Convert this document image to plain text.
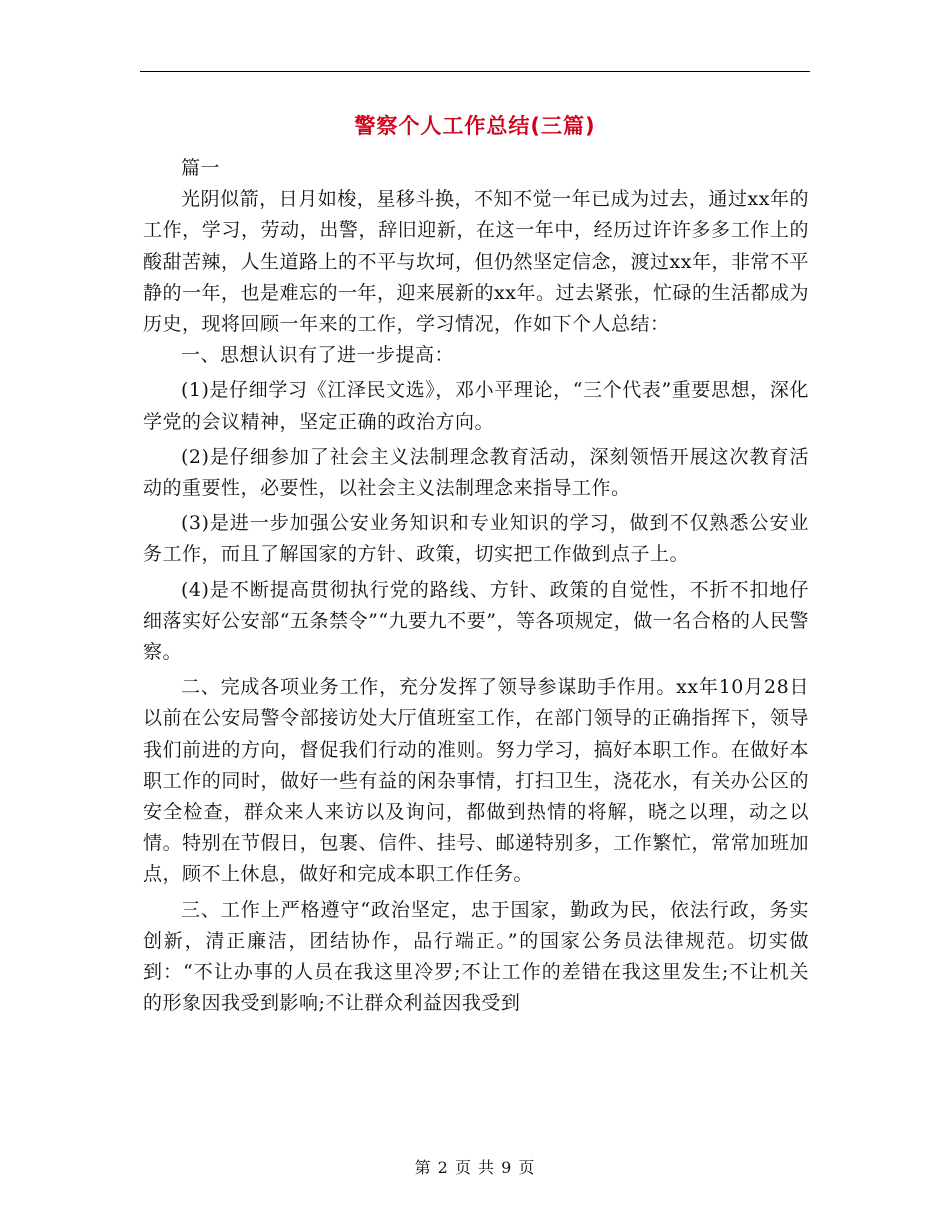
警察个人工作总结(三篇)

篇一

光阴似箭，日月如梭，星移斗换，不知不觉一年已成为过去，通过xx年的工作，学习，劳动，出警，辞旧迎新，在这一年中，经历过许许多多工作上的酸甜苦辣，人生道路上的不平与坎坷，但仍然坚定信念，渡过xx年，非常不平静的一年，也是难忘的一年，迎来展新的xx年。过去紧张，忙碌的生活都成为历史，现将回顾一年来的工作，学习情况，作如下个人总结：

一、思想认识有了进一步提高：

(1)是仔细学习《江泽民文选》，邓小平理论，“三个代表”重要思想，深化学党的会议精神，坚定正确的政治方向。

(2)是仔细参加了社会主义法制理念教育活动，深刻领悟开展这次教育活动的重要性，必要性，以社会主义法制理念来指导工作。

(3)是进一步加强公安业务知识和专业知识的学习，做到不仅熟悉公安业务工作，而且了解国家的方针、政策，切实把工作做到点子上。

(4)是不断提高贯彻执行党的路线、方针、政策的自觉性，不折不扣地仔细落实好公安部“五条禁令”“九要九不要”，等各项规定，做一名合格的人民警察。

二、完成各项业务工作，充分发挥了领导参谋助手作用。xx年10月28日以前在公安局警令部接访处大厅值班室工作，在部门领导的正确指挥下，领导我们前进的方向，督促我们行动的准则。努力学习，搞好本职工作。在做好本职工作的同时，做好一些有益的闲杂事情，打扫卫生，浇花水，有关办公区的安全检查，群众来人来访以及询问，都做到热情的将解，晓之以理，动之以情。特别在节假日，包裹、信件、挂号、邮递特别多，工作繁忙，常常加班加点，顾不上休息，做好和完成本职工作任务。

三、工作上严格遵守“政治坚定，忠于国家，勤政为民，依法行政，务实创新，清正廉洁，团结协作，品行端正。”的国家公务员法律规范。切实做到：“不让办事的人员在我这里冷罗;不让工作的差错在我这里发生;不让机关的形象因我受到影响;不让群众利益因我受到

第 2 页 共 9 页
